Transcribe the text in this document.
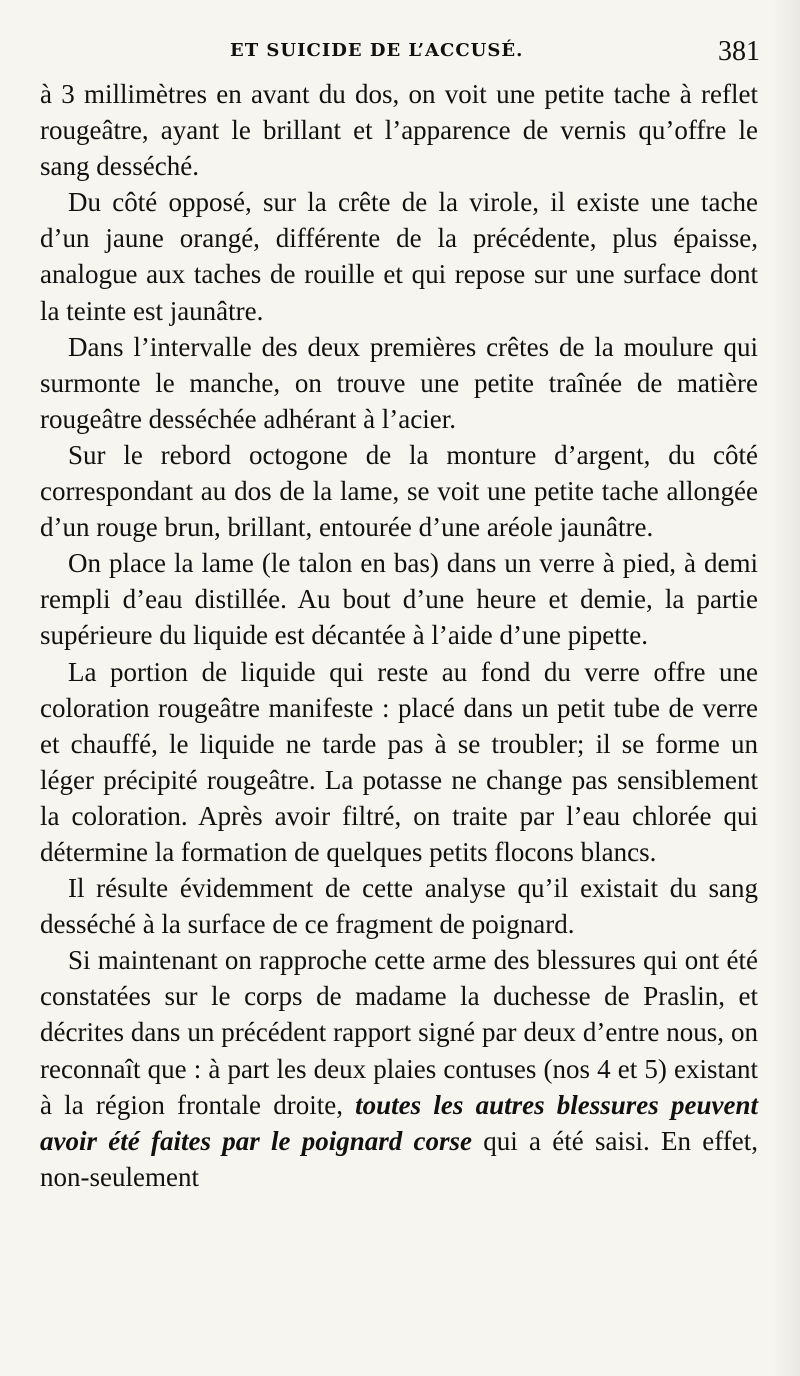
ET SUICIDE DE L’ACCUSÉ.	381

à 3 millimètres en avant du dos, on voit une petite tache à reflet rougeâtre, ayant le brillant et l’apparence de vernis qu’offre le sang desséché.

Du côté opposé, sur la crête de la virole, il existe une tache d’un jaune orangé, différente de la précédente, plus épaisse, analogue aux taches de rouille et qui repose sur une surface dont la teinte est jaunâtre.

Dans l’intervalle des deux premières crêtes de la moulure qui surmonte le manche, on trouve une petite traînée de matière rougeâtre desséchée adhérant à l’acier.

Sur le rebord octogone de la monture d’argent, du côté correspondant au dos de la lame, se voit une petite tache allongée d’un rouge brun, brillant, entourée d’une aréole jaunâtre.

On place la lame (le talon en bas) dans un verre à pied, à demi rempli d’eau distillée. Au bout d’une heure et demie, la partie supérieure du liquide est décantée à l’aide d’une pipette.

La portion de liquide qui reste au fond du verre offre une coloration rougeâtre manifeste : placé dans un petit tube de verre et chauffé, le liquide ne tarde pas à se troubler; il se forme un léger précipité rougeâtre. La potasse ne change pas sensiblement la coloration. Après avoir filtré, on traite par l’eau chlorée qui détermine la formation de quelques petits flocons blancs.

Il résulte évidemment de cette analyse qu’il existait du sang desséché à la surface de ce fragment de poignard.

Si maintenant on rapproche cette arme des blessures qui ont été constatées sur le corps de madame la duchesse de Praslin, et décrites dans un précédent rapport signé par deux d’entre nous, on reconnaît que : à part les deux plaies contuses (nos 4 et 5) existant à la région frontale droite, toutes les autres blessures peuvent avoir été faites par le poignard corse qui a été saisi. En effet, non-seulement
